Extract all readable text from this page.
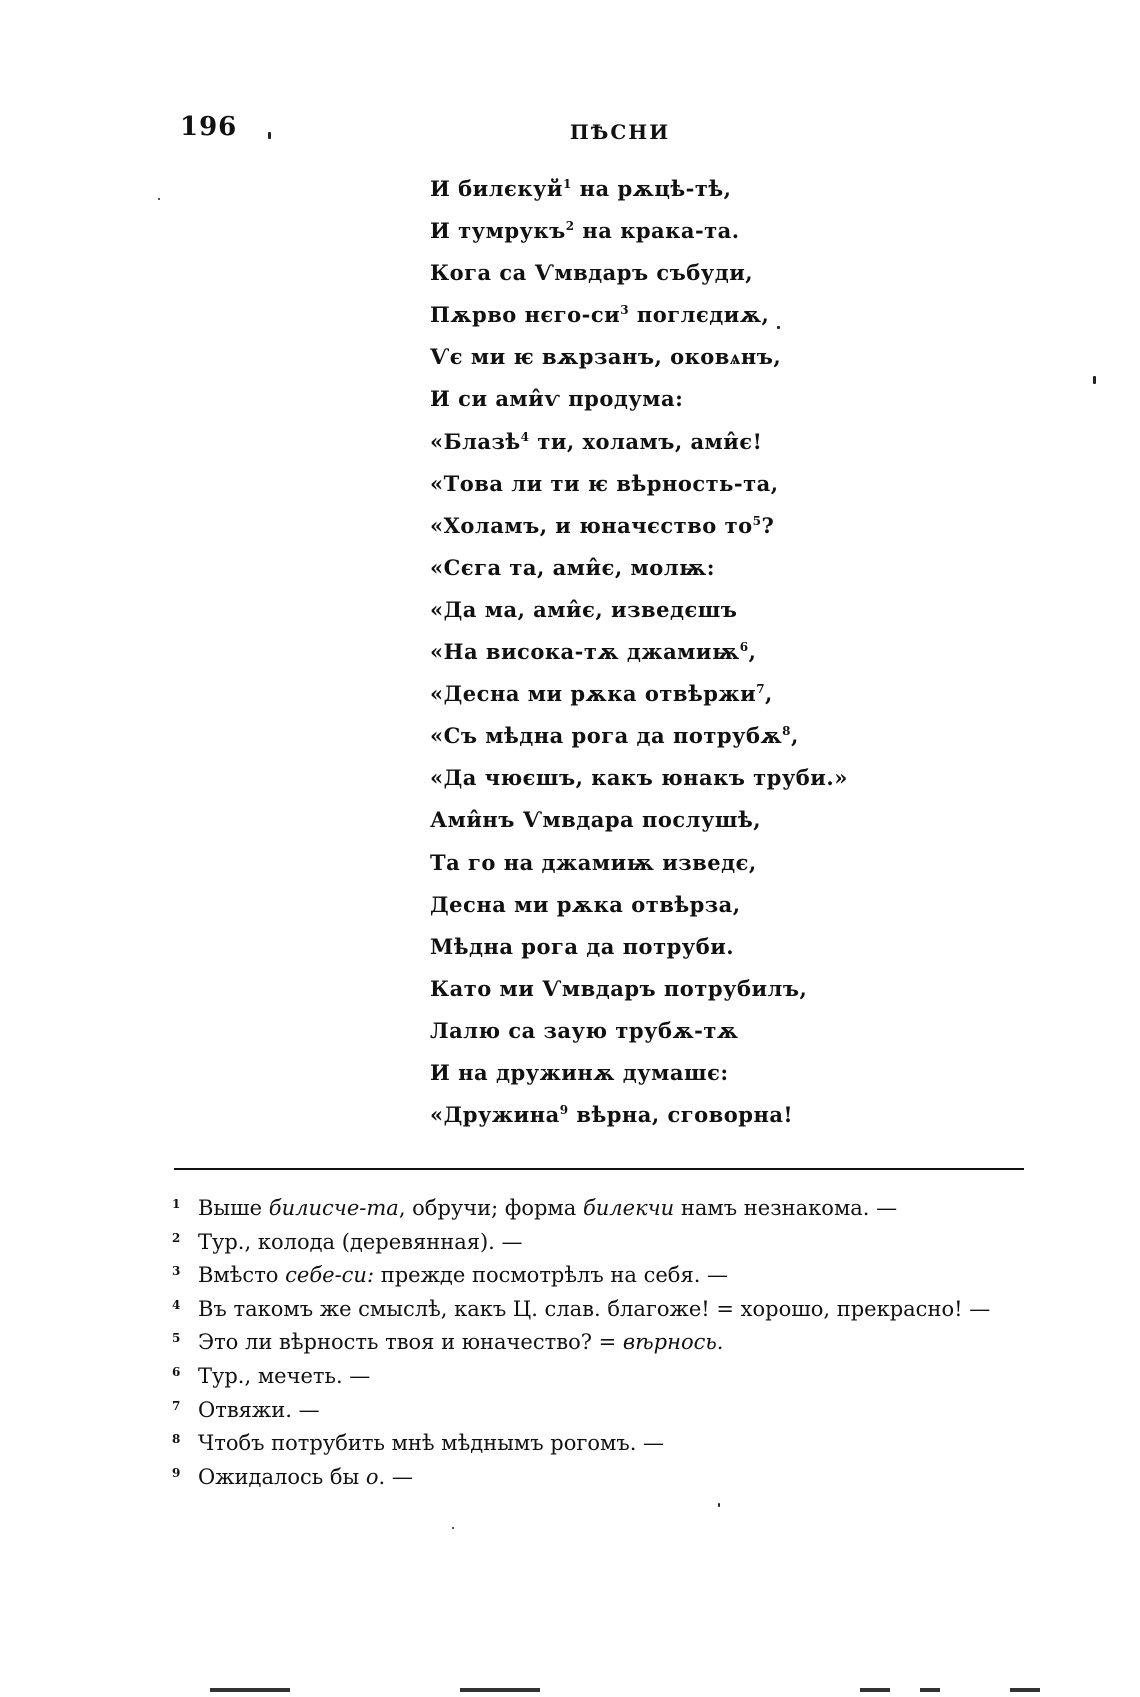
196	ПѢСНИ
И билєкуй$^1$ на рѫцѣ-тѣ,
И тумрукъ$^2$ на крака-та.
Кога са Ѵмвдаръ събуди,
Пѫрво нєго-$си^3$ поглєдиѫ,
Ѵє ми ѥ вѫрзанъ, оковѧнъ,
И си ами̂ѵ продума:
«Блазѣ$^4$ ти, холамъ, ами̂є!
«Това ли ти ѥ вѣрность-та,
«Холамъ, и юначєство $то^5$?
«Сєга та, ами̂є, молѭ:
«Да ма, ами̂є, изведєшъ
«На висока-тѫ джамиѭ$^6$,
«Десна ми рѫка отвѣржи$^7$,
«Съ мѣдна рога да потрубѫ$^8$,
«Да чюєшъ, какъ юнакъ труби.»
Ами̂нъ Ѵмвдара послушѣ,
Та го на джамиѭ изведє,
Десна ми рѫка отвѣрза,
Мѣдна рога да потруби.
Като ми Ѵмвдаръ потрубилъ,
Лалю са заую трубѫ-тѫ
И на дружинѫ думашє:
«Дружина$^9$ вѣрна, сговорна!
1 Выше билисче-та, обручи; форма билекчи намъ незнакома. —
2 Тур., колода (деревянная). —
3 Вмѣсто себе-си: прежде посмотрѣлъ на себя. —
4 Въ такомъ же смыслѣ, какъ Ц. слав. благоже! = хорошо, прекрасно! —
5 Это ли вѣрность твоя и юначество? = вѣрнось.
6 Тур., мечеть. —
7 Отвяжи. —
8 Чтобъ потрубить мнѣ мѣднымъ рогомъ. —
9 Ожидалось бы о. —
